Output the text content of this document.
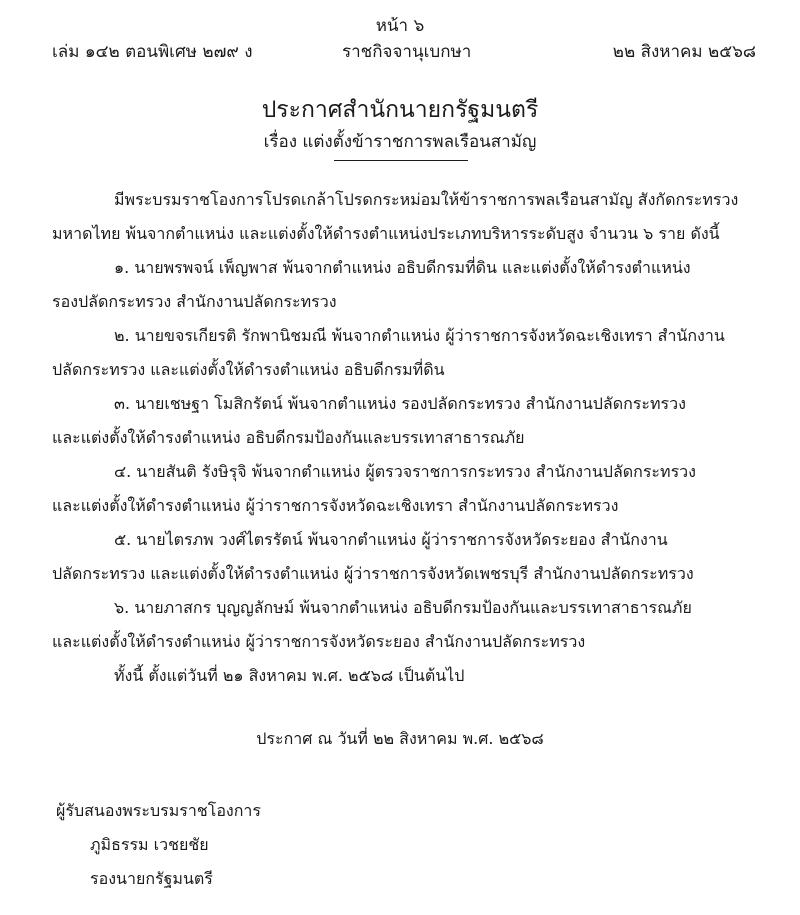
หน้า ๖
เล่ม ๑๔๒ ตอนพิเศษ ๒๗๙ ง	ราชกิจจานุเบกษา	๒๒ สิงหาคม ๒๕๖๘
ประกาศสำนักนายกรัฐมนตรี
เรื่อง แต่งตั้งข้าราชการพลเรือนสามัญ
มีพระบรมราชโองการโปรดเกล้าโปรดกระหม่อมให้ข้าราชการพลเรือนสามัญ สังกัดกระทรวง
มหาดไทย พ้นจากตำแหน่ง และแต่งตั้งให้ดำรงตำแหน่งประเภทบริหารระดับสูง จำนวน ๖ ราย ดังนี้
๑. นายพรพจน์ เพ็ญพาส พ้นจากตำแหน่ง อธิบดีกรมที่ดิน และแต่งตั้งให้ดำรงตำแหน่ง
รองปลัดกระทรวง สำนักงานปลัดกระทรวง
๒. นายขจรเกียรติ รักพานิชมณี พ้นจากตำแหน่ง ผู้ว่าราชการจังหวัดฉะเชิงเทรา สำนักงาน
ปลัดกระทรวง และแต่งตั้งให้ดำรงตำแหน่ง อธิบดีกรมที่ดิน
๓. นายเชษฐา โมสิกรัตน์ พ้นจากตำแหน่ง รองปลัดกระทรวง สำนักงานปลัดกระทรวง
และแต่งตั้งให้ดำรงตำแหน่ง อธิบดีกรมป้องกันและบรรเทาสาธารณภัย
๔. นายสันติ รังษิรุจิ พ้นจากตำแหน่ง ผู้ตรวจราชการกระทรวง สำนักงานปลัดกระทรวง
และแต่งตั้งให้ดำรงตำแหน่ง ผู้ว่าราชการจังหวัดฉะเชิงเทรา สำนักงานปลัดกระทรวง
๕. นายไตรภพ วงศ์ไตรรัตน์ พ้นจากตำแหน่ง ผู้ว่าราชการจังหวัดระยอง สำนักงาน
ปลัดกระทรวง และแต่งตั้งให้ดำรงตำแหน่ง ผู้ว่าราชการจังหวัดเพชรบุรี สำนักงานปลัดกระทรวง
๖. นายภาสกร บุญญลักษม์ พ้นจากตำแหน่ง อธิบดีกรมป้องกันและบรรเทาสาธารณภัย
และแต่งตั้งให้ดำรงตำแหน่ง ผู้ว่าราชการจังหวัดระยอง สำนักงานปลัดกระทรวง
ทั้งนี้ ตั้งแต่วันที่ ๒๑ สิงหาคม พ.ศ. ๒๕๖๘ เป็นต้นไป
ประกาศ ณ วันที่ ๒๒ สิงหาคม พ.ศ. ๒๕๖๘
ผู้รับสนองพระบรมราชโองการ
ภูมิธรรม เวชยชัย
รองนายกรัฐมนตรี
